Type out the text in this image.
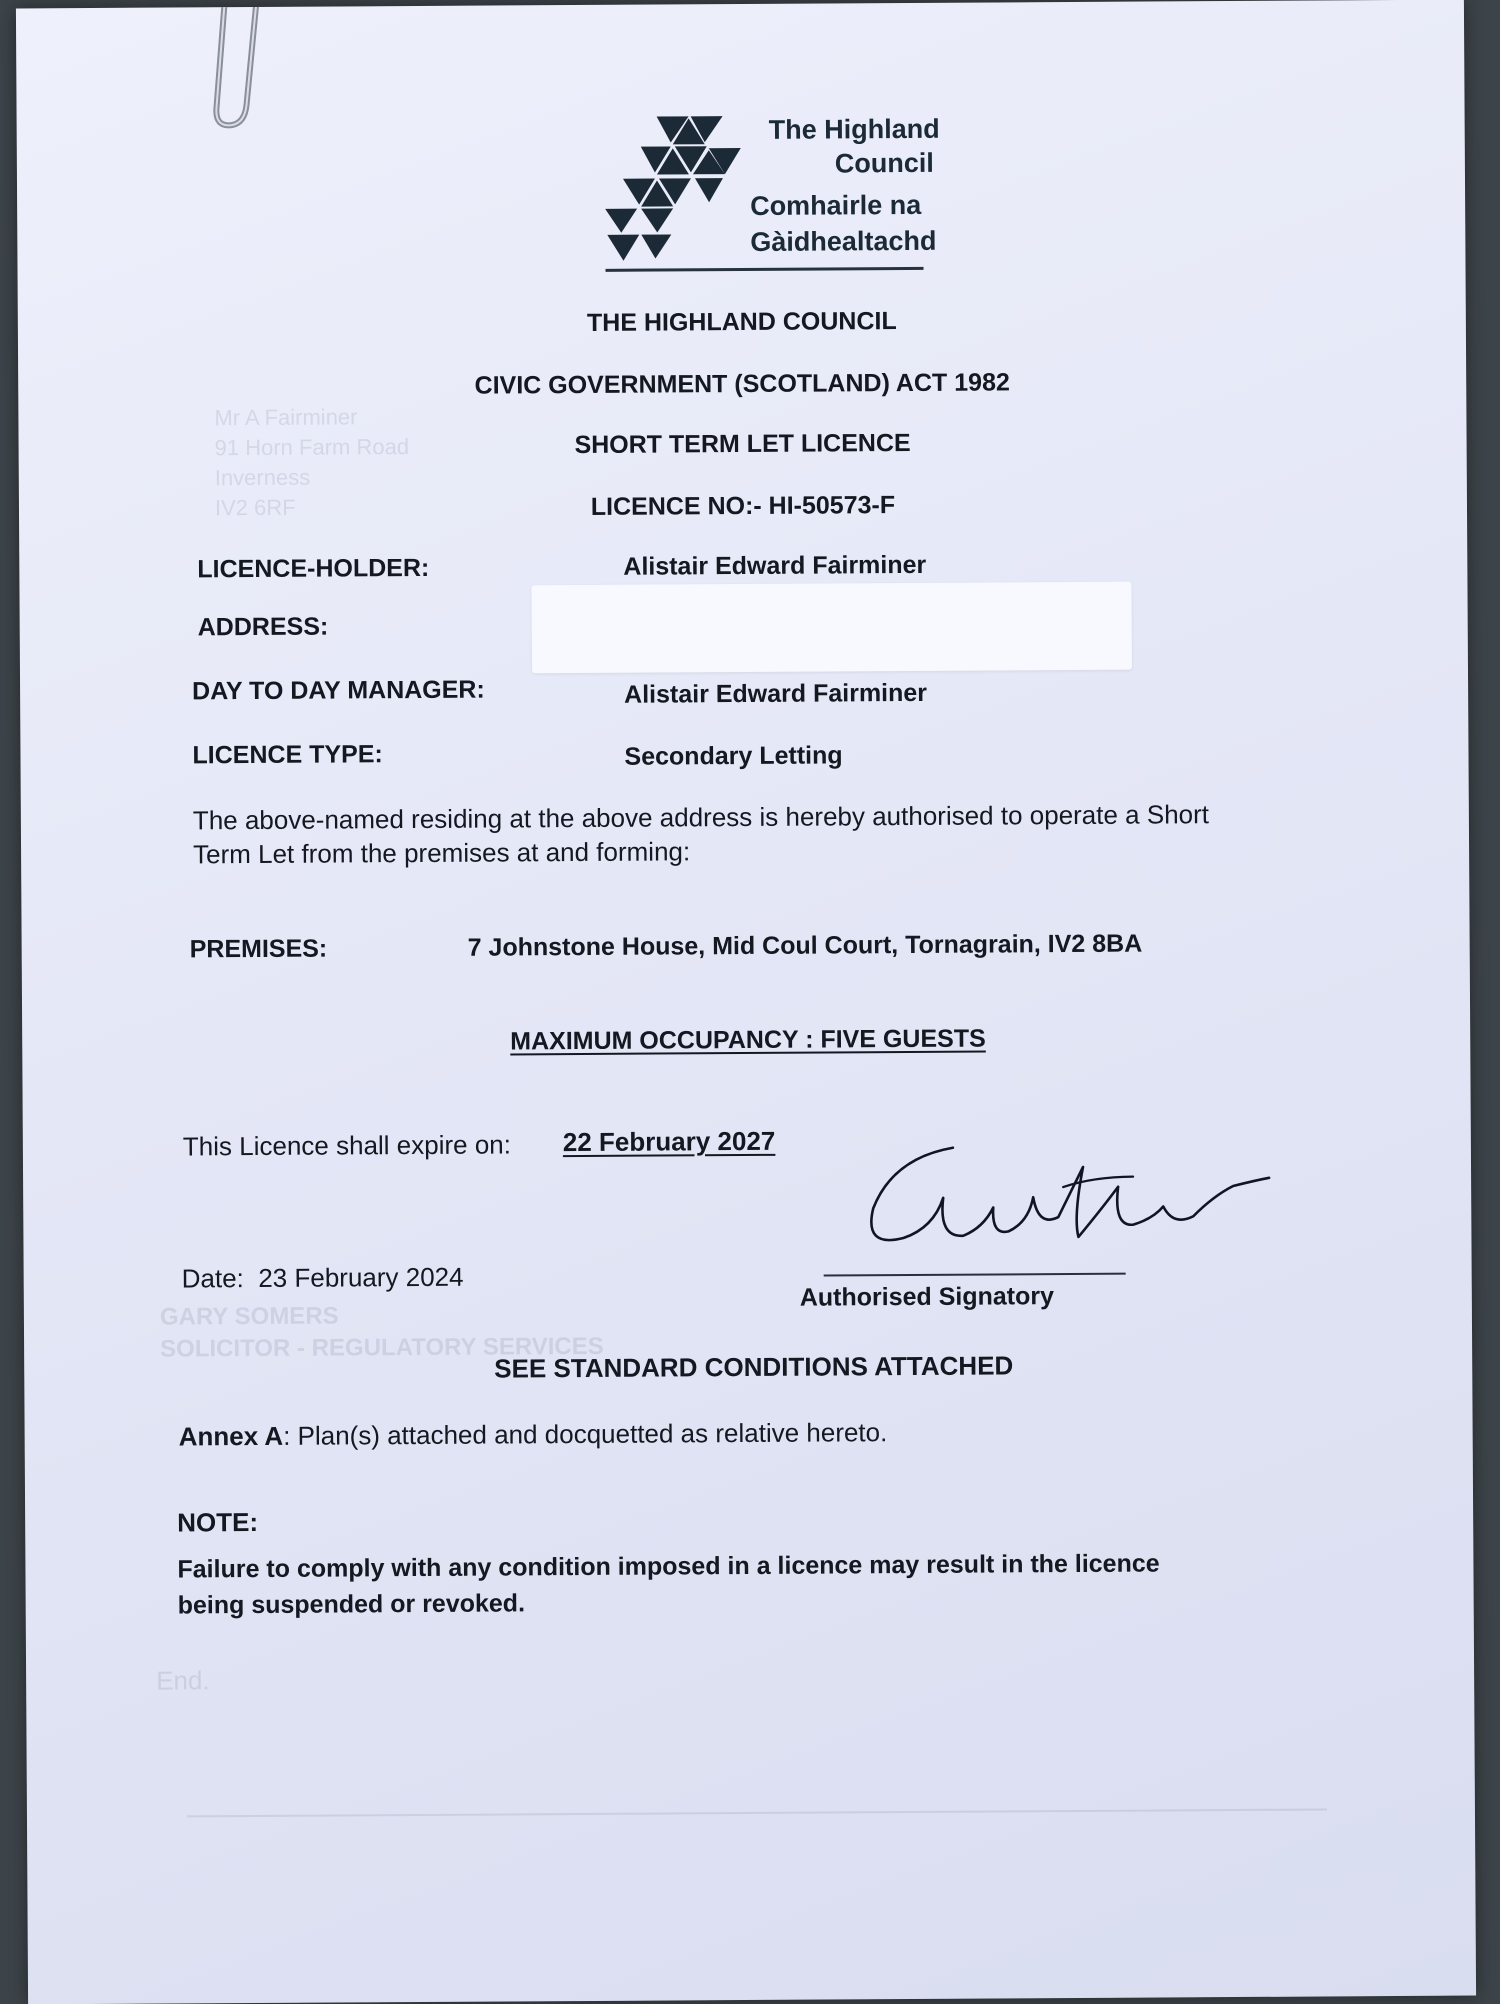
Mr A Fairminer
91 Horn Farm Road
Inverness
IV2 6RF
GARY SOMERS
SOLICITOR - REGULATORY SERVICES
End.
The Highland
Council
Comhairle na
Gàidhealtachd
THE HIGHLAND COUNCIL
CIVIC GOVERNMENT (SCOTLAND) ACT 1982
SHORT TERM LET LICENCE
LICENCE NO:- HI-50573-F
LICENCE-HOLDER:	Alistair Edward Fairminer
ADDRESS:
DAY TO DAY MANAGER:	Alistair Edward Fairminer
LICENCE TYPE:	Secondary Letting
The above-named residing at the above address is hereby authorised to operate a Short
Term Let from the premises at and forming:
PREMISES:	7 Johnstone House, Mid Coul Court, Tornagrain, IV2 8BA
MAXIMUM OCCUPANCY : FIVE GUESTS
This Licence shall expire on: 22 February 2027
Authorised Signatory
Date: 23 February 2024
SEE STANDARD CONDITIONS ATTACHED
Annex A: Plan(s) attached and docquetted as relative hereto.
NOTE:
Failure to comply with any condition imposed in a licence may result in the licence
being suspended or revoked.
